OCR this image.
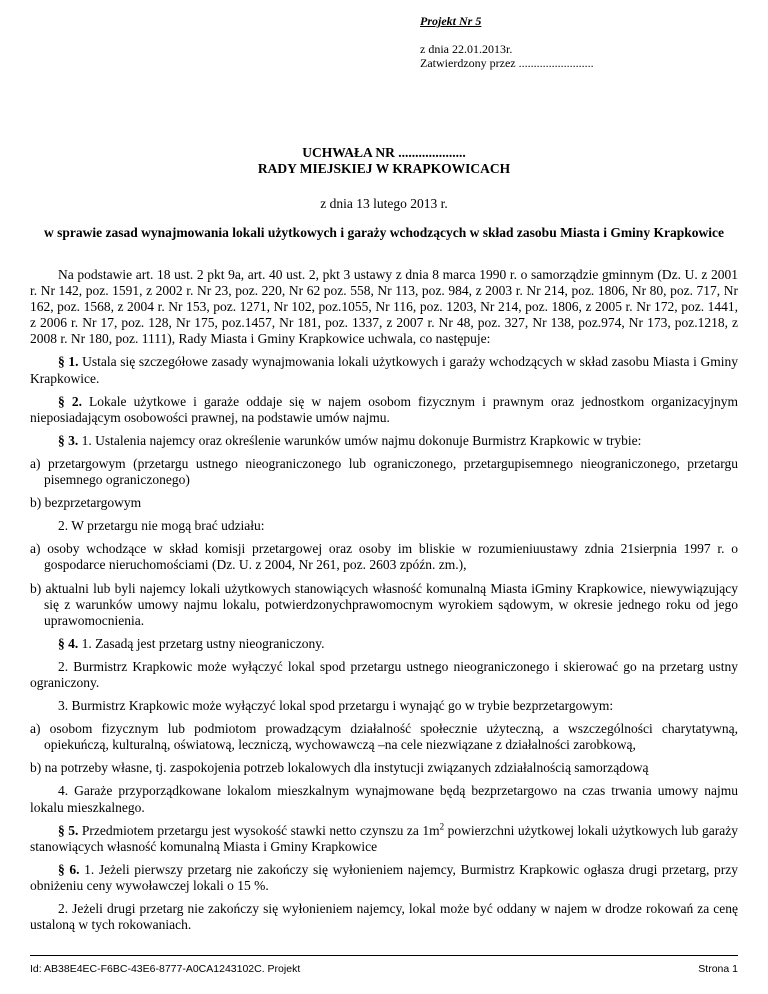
Projekt Nr 5
z dnia 22.01.2013r.
Zatwierdzony przez .........................
UCHWAŁA NR ....................
RADY MIEJSKIEJ W KRAPKOWICACH
z dnia 13 lutego 2013 r.
w sprawie zasad wynajmowania lokali użytkowych i garaży wchodzących w skład zasobu Miasta i Gminy Krapkowice

Na podstawie art. 18 ust. 2 pkt 9a, art. 40 ust. 2, pkt 3 ustawy z dnia 8 marca 1990 r. o samorządzie gminnym (Dz. U. z 2001 r. Nr 142, poz. 1591, z 2002 r. Nr 23, poz. 220, Nr 62 poz. 558, Nr 113, poz. 984, z 2003 r. Nr 214, poz. 1806, Nr 80, poz. 717, Nr 162, poz. 1568, z 2004 r. Nr 153, poz. 1271, Nr 102, poz.1055, Nr 116, poz. 1203, Nr 214, poz. 1806, z 2005 r. Nr 172, poz. 1441, z 2006 r. Nr 17, poz. 128, Nr 175, poz.1457, Nr 181, poz. 1337, z 2007 r. Nr 48, poz. 327, Nr 138, poz.974, Nr 173, poz.1218, z 2008 r. Nr 180, poz. 1111), Rady Miasta i Gminy Krapkowice uchwala, co następuje:

§ 1. Ustala się szczegółowe zasady wynajmowania lokali użytkowych i garaży wchodzących w skład zasobu Miasta i Gminy Krapkowice.

§ 2. Lokale użytkowe i garaże oddaje się w najem osobom fizycznym i prawnym oraz jednostkom organizacyjnym nieposiadającym osobowości prawnej, na podstawie umów najmu.

§ 3. 1. Ustalenia najemcy oraz określenie warunków umów najmu dokonuje Burmistrz Krapkowic w trybie:

a) przetargowym (przetargu ustnego nieograniczonego lub ograniczonego, przetargupisemnego nieograniczonego, przetargu pisemnego ograniczonego)

b) bezprzetargowym

2. W przetargu nie mogą brać udziału:

a) osoby wchodzące w skład komisji przetargowej oraz osoby im bliskie w rozumieniuustawy zdnia 21sierpnia 1997 r. o gospodarce nieruchomościami (Dz. U. z 2004, Nr 261, poz. 2603 zpóźn. zm.),

b) aktualni lub byli najemcy lokali użytkowych stanowiących własność komunalną Miasta iGminy Krapkowice, niewywiązujący się z warunków umowy najmu lokalu, potwierdzonychprawomocnym wyrokiem sądowym, w okresie jednego roku od jego uprawomocnienia.

§ 4. 1. Zasadą jest przetarg ustny nieograniczony.

2. Burmistrz Krapkowic może wyłączyć lokal spod przetargu ustnego nieograniczonego i skierować go na przetarg ustny ograniczony.

3. Burmistrz Krapkowic może wyłączyć lokal spod przetargu i wynająć go w trybie bezprzetargowym:

a) osobom fizycznym lub podmiotom prowadzącym działalność społecznie użyteczną, a wszczególności charytatywną, opiekuńczą, kulturalną, oświatową, leczniczą, wychowawczą –na cele niezwiązane z działalności zarobkową,

b) na potrzeby własne, tj. zaspokojenia potrzeb lokalowych dla instytucji związanych zdziałalnością samorządową

4. Garaże przyporządkowane lokalom mieszkalnym wynajmowane będą bezprzetargowo na czas trwania umowy najmu lokalu mieszkalnego.

§ 5. Przedmiotem przetargu jest wysokość stawki netto czynszu za $1m^2$ powierzchni użytkowej lokali użytkowych lub garaży stanowiących własność komunalną Miasta i Gminy Krapkowice

§ 6. 1. Jeżeli pierwszy przetarg nie zakończy się wyłonieniem najemcy, Burmistrz Krapkowic ogłasza drugi przetarg, przy obniżeniu ceny wywoławczej lokali o 15 %.

2. Jeżeli drugi przetarg nie zakończy się wyłonieniem najemcy, lokal może być oddany w najem w drodze rokowań za cenę ustaloną w tych rokowaniach.

Id: AB38E4EC-F6BC-43E6-8777-A0CA1243102C. Projekt	Strona 1
